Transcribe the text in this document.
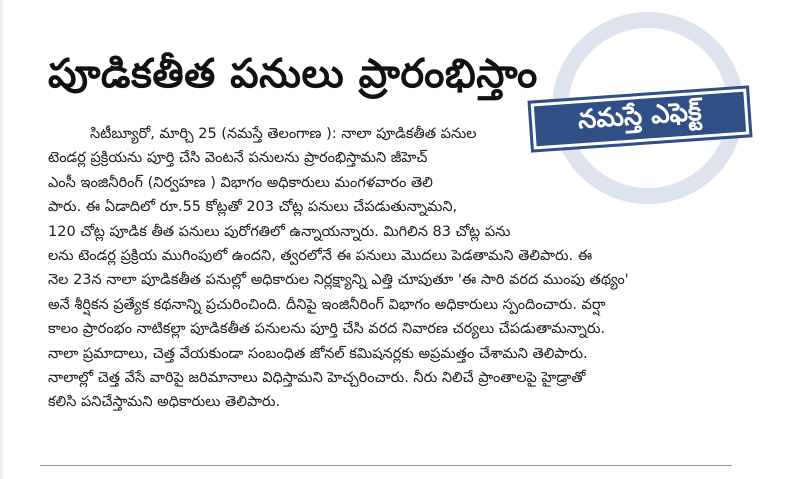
పూడికతీత పనులు ప్రారంభిస్తాం
నమస్తే ఎఫెక్ట్
సిటీబ్యూరో, మార్చి 25 (నమస్తే తెలంగాణ ): నాలా పూడికతీత పనుల
టెండర్ల ప్రక్రియను పూర్తి చేసి వెంటనే పనులను ప్రారంభిస్తామని జీహెచ్
ఎంసీ ఇంజినీరింగ్ (నిర్వహణ ) విభాగం అధికారులు మంగళవారం తెలి
పారు. ఈ ఏడాదిలో రూ.55 కోట్లతో 203 చోట్ల పనులు చేపడుతున్నామని,
120 చోట్ల పూడిక తీత పనులు పురోగతిలో ఉన్నాయన్నారు. మిగిలిన 83 చోట్ల పను
లను టెండర్ల ప్రక్రియ ముగింపులో ఉందని, త్వరలోనే ఈ పనులు మొదలు పెడతామని తెలిపారు. ఈ
నెల 23న నాలా పూడికతీత పనుల్లో అధికారుల నిర్లక్ష్యాన్ని ఎత్తి చూపుతూ 'ఈ సారి వరద ముంపు తథ్యం'
అనే శీర్షికన ప్రత్యేక కథనాన్ని ప్రచురించింది. దీనిపై ఇంజినీరింగ్ విభాగం అధికారులు స్పందించారు. వర్షా
కాలం ప్రారంభం నాటికల్లా పూడికతీత పనులను పూర్తి చేసి వరద నివారణ చర్యలు చేపడుతామన్నారు.
నాలా ప్రమాదాలు, చెత్త వేయకుండా సంబంధిత జోనల్ కమిషనర్లకు అప్రమత్తం చేశామని తెలిపారు.
నాలాల్లో చెత్త వేసే వారిపై జరిమానాలు విధిస్తామని హెచ్చరించారు. నీరు నిలిచే ప్రాంతాలపై హైడ్రాతో
కలిసి పనిచేస్తామని అధికారులు తెలిపారు.
